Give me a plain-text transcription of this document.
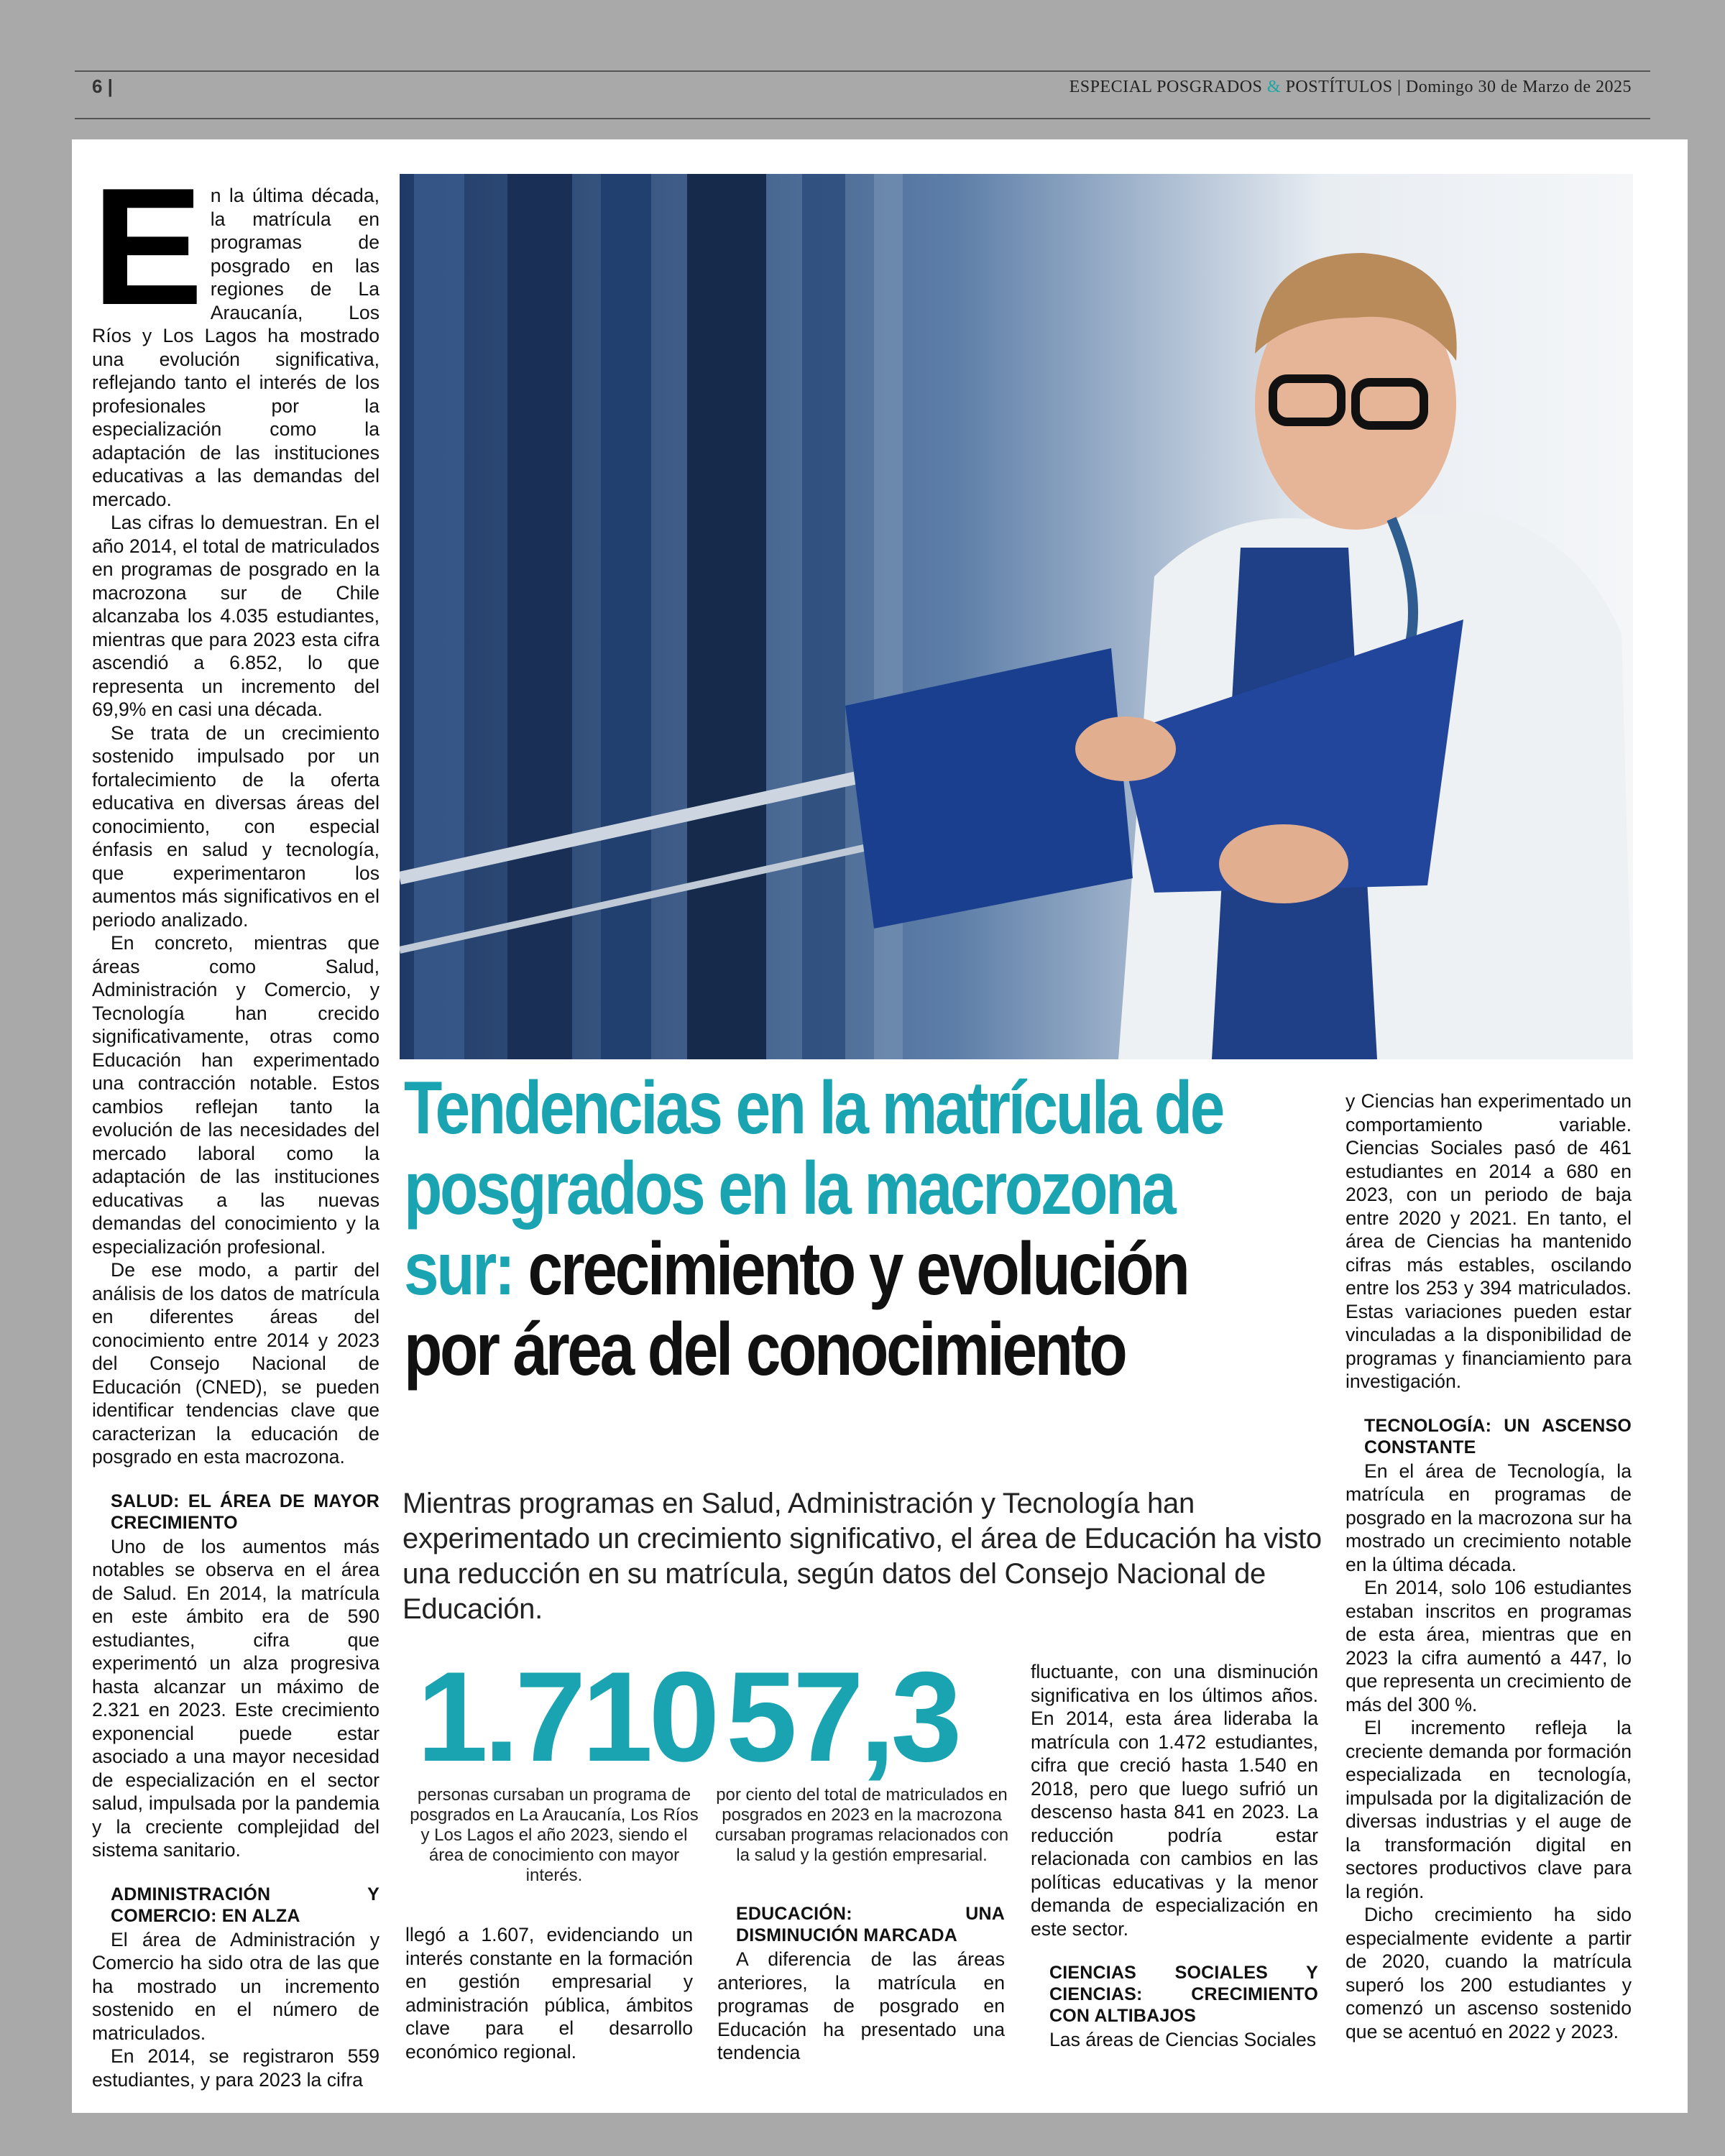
6 |	ESPECIAL POSGRADOS & POSTÍTULOS | Domingo 30 de Marzo de 2025

En la última década, la matrícula en programas de posgrado en las regiones de La Araucanía, Los Ríos y Los Lagos ha mostrado una evolución significativa, reflejando tanto el interés de los profesionales por la especialización como la adaptación de las instituciones educativas a las demandas del mercado.

Las cifras lo demuestran. En el año 2014, el total de matriculados en programas de posgrado en la macrozona sur de Chile alcanzaba los 4.035 estudiantes, mientras que para 2023 esta cifra ascendió a 6.852, lo que representa un incremento del 69,9% en casi una década.

Se trata de un crecimiento sostenido impulsado por un fortalecimiento de la oferta educativa en diversas áreas del conocimiento, con especial énfasis en salud y tecnología, que experimentaron los aumentos más significativos en el periodo analizado.

En concreto, mientras que áreas como Salud, Administración y Comercio, y Tecnología han crecido significativamente, otras como Educación han experimentado una contracción notable. Estos cambios reflejan tanto la evolución de las necesidades del mercado laboral como la adaptación de las instituciones educativas a las nuevas demandas del conocimiento y la especialización profesional.

De ese modo, a partir del análisis de los datos de matrícula en diferentes áreas del conocimiento entre 2014 y 2023 del Consejo Nacional de Educación (CNED), se pueden identificar tendencias clave que caracterizan la educación de posgrado en esta macrozona.

SALUD: EL ÁREA DE MAYOR CRECIMIENTO

Uno de los aumentos más notables se observa en el área de Salud. En 2014, la matrícula en este ámbito era de 590 estudiantes, cifra que experimentó un alza progresiva hasta alcanzar un máximo de 2.321 en 2023. Este crecimiento exponencial puede estar asociado a una mayor necesidad de especialización en el sector salud, impulsada por la pandemia y la creciente complejidad del sistema sanitario.

ADMINISTRACIÓN Y COMERCIO: EN ALZA

El área de Administración y Comercio ha sido otra de las que ha mostrado un incremento sostenido en el número de matriculados.

En 2014, se registraron 559 estudiantes, y para 2023 la cifra

Tendencias en la matrícula de
posgrados en la macrozona
sur: crecimiento y evolución
por área del conocimiento
Mientras programas en Salud, Administración y Tecnología han experimentado un crecimiento significativo, el área de Educación ha visto una reducción en su matrícula, según datos del Consejo Nacional de Educación.
1.710 57,3
personas cursaban un programa de posgrados en La Araucanía, Los Ríos y Los Lagos el año 2023, siendo el área de conocimiento con mayor interés.
por ciento del total de matriculados en posgrados en 2023 en la macrozona cursaban programas relacionados con la salud y la gestión empresarial.

llegó a 1.607, evidenciando un interés constante en la formación en gestión empresarial y administración pública, ámbitos clave para el desarrollo económico regional.

EDUCACIÓN: UNA DISMINUCIÓN MARCADA

A diferencia de las áreas anteriores, la matrícula en programas de posgrado en Educación ha presentado una tendencia

fluctuante, con una disminución significativa en los últimos años. En 2014, esta área lideraba la matrícula con 1.472 estudiantes, cifra que creció hasta 1.540 en 2018, pero que luego sufrió un descenso hasta 841 en 2023. La reducción podría estar relacionada con cambios en las políticas educativas y la menor demanda de especialización en este sector.

CIENCIAS SOCIALES Y CIENCIAS: CRECIMIENTO CON ALTIBAJOS

Las áreas de Ciencias Sociales

y Ciencias han experimentado un comportamiento variable. Ciencias Sociales pasó de 461 estudiantes en 2014 a 680 en 2023, con un periodo de baja entre 2020 y 2021. En tanto, el área de Ciencias ha mantenido cifras más estables, oscilando entre los 253 y 394 matriculados. Estas variaciones pueden estar vinculadas a la disponibilidad de programas y financiamiento para investigación.

TECNOLOGÍA: UN ASCENSO CONSTANTE

En el área de Tecnología, la matrícula en programas de posgrado en la macrozona sur ha mostrado un crecimiento notable en la última década.

En 2014, solo 106 estudiantes estaban inscritos en programas de esta área, mientras que en 2023 la cifra aumentó a 447, lo que representa un crecimiento de más del 300 %.

El incremento refleja la creciente demanda por formación especializada en tecnología, impulsada por la digitalización de diversas industrias y el auge de la transformación digital en sectores productivos clave para la región.

Dicho crecimiento ha sido especialmente evidente a partir de 2020, cuando la matrícula superó los 200 estudiantes y comenzó un ascenso sostenido que se acentuó en 2022 y 2023.
